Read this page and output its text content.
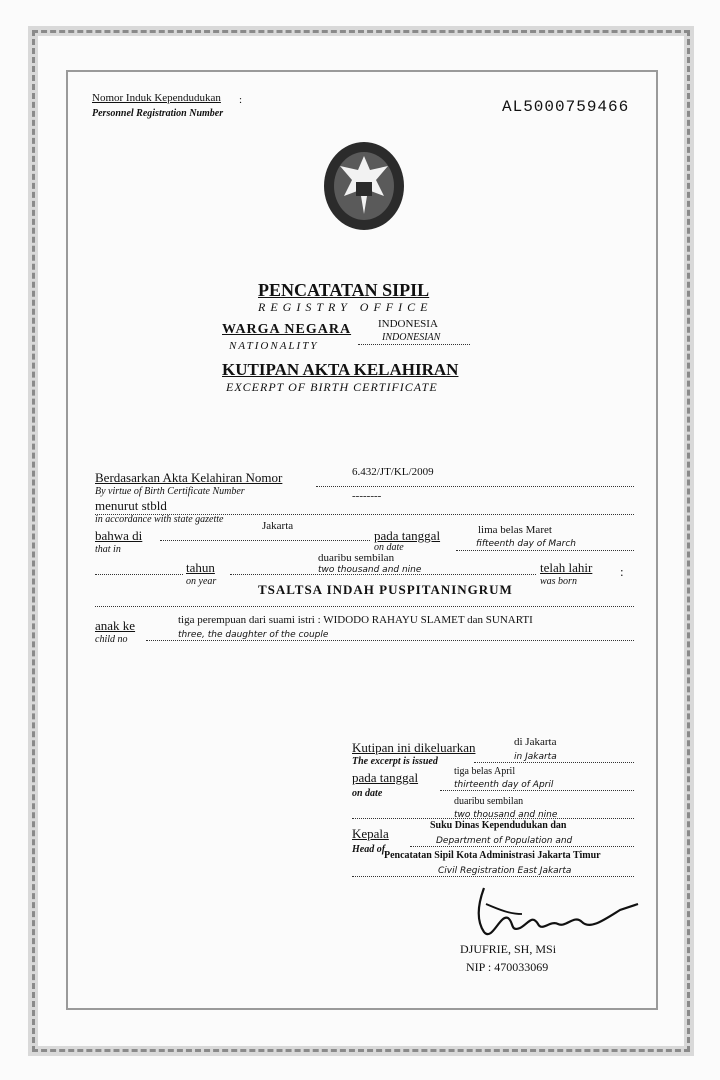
Nomor Induk Kependudukan :
Personnel Registration Number	AL5000759466
PENCATATAN SIPIL
REGISTRY OFFICE
WARGA NEGARA
NATIONALITY
INDONESIA
INDONESIAN
KUTIPAN AKTA KELAHIRAN
EXCERPT OF BIRTH CERTIFICATE
Berdasarkan Akta Kelahiran Nomor
By virtue of Birth Certificate Number
6.432/JT/KL/2009
menurut stbld
--------
in accordance with state gazette
bahwa di
that in
Jakarta
pada tanggal
on date
lima belas Maret
fifteenth day of March
tahun
on year
duaribu sembilan
two thousand and nine	telah lahir
was born
:
TSALTSA INDAH PUSPITANINGRUM
anak ke
child no
tiga perempuan dari suami istri : WIDODO RAHAYU SLAMET dan SUNARTI
three, the daughter of the couple
Kutipan ini dikeluarkan
The excerpt is issued
di Jakarta
in Jakarta
pada tanggal
on date
tiga belas April
thirteenth day of April
duaribu sembilan
two thousand and nine
Kepala
Head of
Suku Dinas Kependudukan dan
Department of Population and
Pencatatan Sipil Kota Administrasi Jakarta Timur
Civil Registration East Jakarta
DJUFRIE, SH, MSi
NIP : 470033069
